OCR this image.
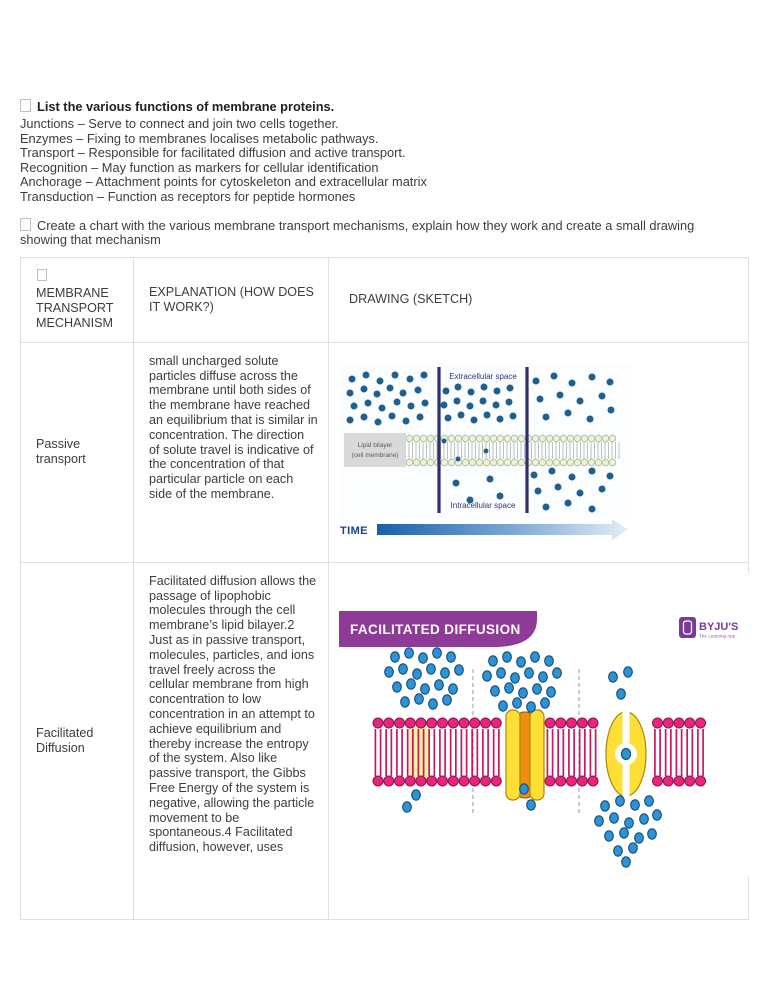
List the various functions of membrane proteins.
Junctions – Serve to connect and join two cells together.
Enzymes – Fixing to membranes localises metabolic pathways.
Transport – Responsible for facilitated diffusion and active transport.
Recognition – May function as markers for cellular identification
Anchorage – Attachment points for cytoskeleton and extracellular matrix
Transduction – Function as receptors for peptide hormones
Create a chart with the various membrane transport mechanisms, explain how they work and create a small drawing showing that mechanism
MEMBRANE TRANSPORT MECHANISM	EXPLANATION (HOW DOES IT WORK?)	DRAWING (SKETCH)
Passive transport	small uncharged solute particles diffuse across the membrane until both sides of the membrane have reached an equilibrium that is similar in concentration. The direction of solute travel is indicative of the concentration of that particular particle on each side of the membrane.	
Lipid bilayer
(cell membrane)
Extracellular space
Intracellular space
TIME

Facilitated Diffusion	Facilitated diffusion allows the passage of lipophobic molecules through the cell membrane’s lipid bilayer.2 Just as in passive transport, molecules, particles, and ions travel freely across the cellular membrane from high concentration to low concentration in an attempt to achieve equilibrium and thereby increase the entropy of the system. Also like passive transport, the Gibbs Free Energy of the system is negative, allowing the particle movement to be spontaneous.4 Facilitated diffusion, however, uses	
FACILITATED DIFFUSION	BYJU'S
The Learning App
